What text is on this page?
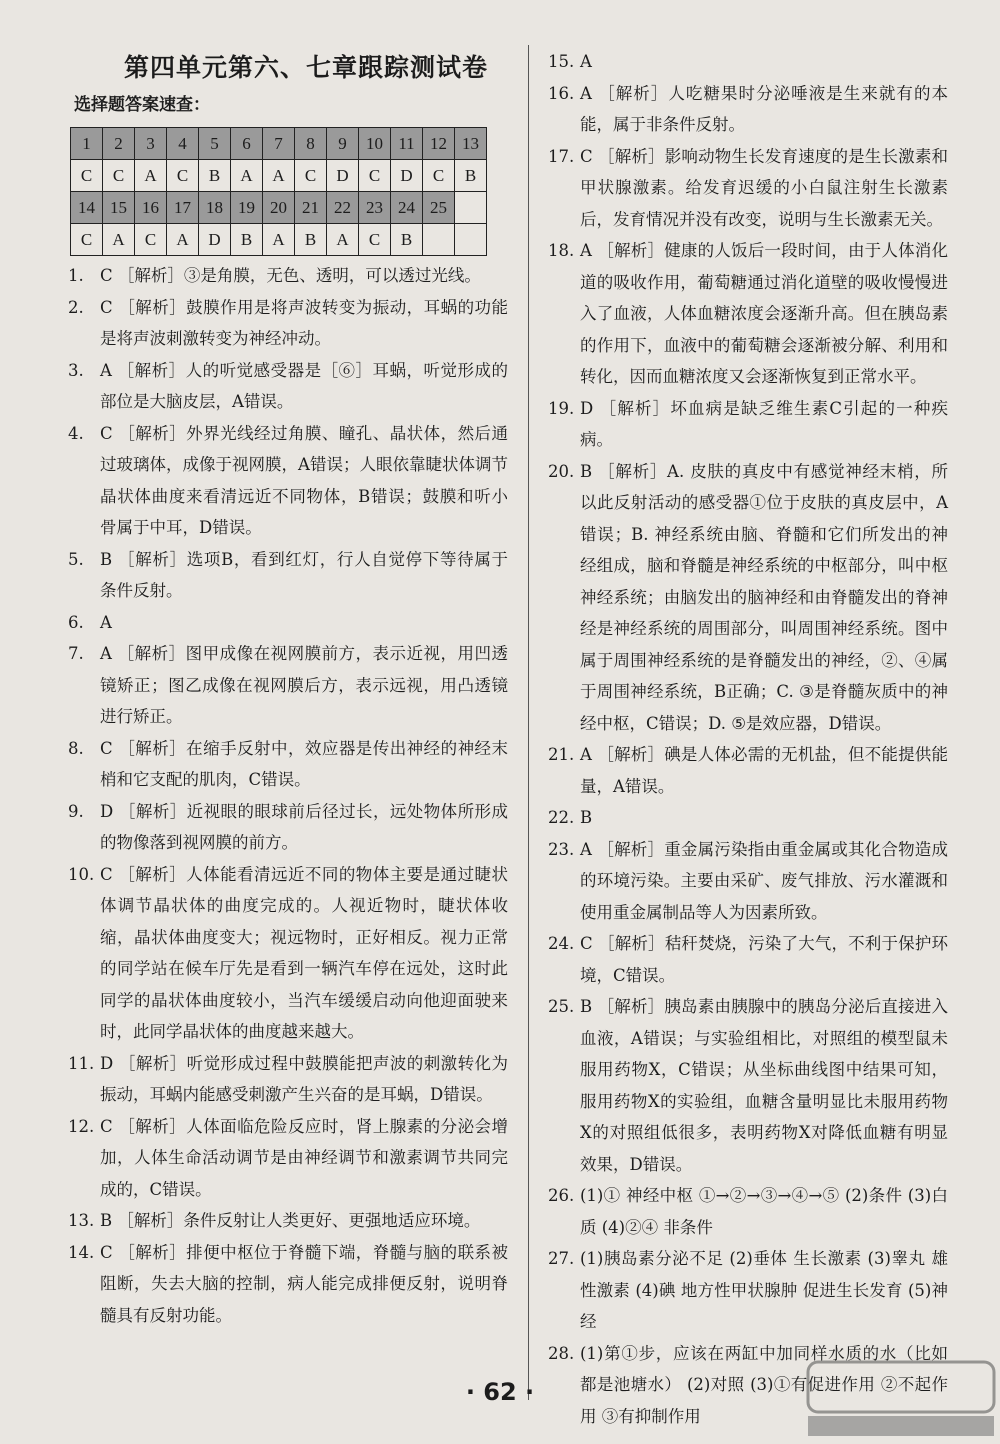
第四单元第六、七章跟踪测试卷
选择题答案速查：
1	2	3	4	5	6	7	8	9	10	11	12	13
C	C	A	C	B	A	A	C	D	C	D	C	B
14	15	16	17	18	19	20	21	22	23	24	25	
C	A	C	A	D	B	A	B	A	C	B		
1. C ［解析］③是角膜，无色、透明，可以透过光线。
2. C ［解析］鼓膜作用是将声波转变为振动，耳蜗的功能是将声波刺激转变为神经冲动。
3. A ［解析］人的听觉感受器是［⑥］耳蜗，听觉形成的部位是大脑皮层，A错误。
4. C ［解析］外界光线经过角膜、瞳孔、晶状体，然后通过玻璃体，成像于视网膜，A错误；人眼依靠睫状体调节晶状体曲度来看清远近不同物体，B错误；鼓膜和听小骨属于中耳，D错误。
5. B ［解析］选项B，看到红灯，行人自觉停下等待属于条件反射。
6. A
7. A ［解析］图甲成像在视网膜前方，表示近视，用凹透镜矫正；图乙成像在视网膜后方，表示远视，用凸透镜进行矫正。
8. C ［解析］在缩手反射中，效应器是传出神经的神经末梢和它支配的肌肉，C错误。
9. D ［解析］近视眼的眼球前后径过长，远处物体所形成的物像落到视网膜的前方。
10. C ［解析］人体能看清远近不同的物体主要是通过睫状体调节晶状体的曲度完成的。人视近物时，睫状体收缩，晶状体曲度变大；视远物时，正好相反。视力正常的同学站在候车厅先是看到一辆汽车停在远处，这时此同学的晶状体曲度较小，当汽车缓缓启动向他迎面驶来时，此同学晶状体的曲度越来越大。
11. D ［解析］听觉形成过程中鼓膜能把声波的刺激转化为振动，耳蜗内能感受刺激产生兴奋的是耳蜗，D错误。
12. C ［解析］人体面临危险反应时，肾上腺素的分泌会增加，人体生命活动调节是由神经调节和激素调节共同完成的，C错误。
13. B ［解析］条件反射让人类更好、更强地适应环境。
14. C ［解析］排便中枢位于脊髓下端，脊髓与脑的联系被阻断，失去大脑的控制，病人能完成排便反射，说明脊髓具有反射功能。
15. A
16. A ［解析］人吃糖果时分泌唾液是生来就有的本能，属于非条件反射。
17. C ［解析］影响动物生长发育速度的是生长激素和甲状腺激素。给发育迟缓的小白鼠注射生长激素后，发育情况并没有改变，说明与生长激素无关。
18. A ［解析］健康的人饭后一段时间，由于人体消化道的吸收作用，葡萄糖通过消化道壁的吸收慢慢进入了血液，人体血糖浓度会逐渐升高。但在胰岛素的作用下，血液中的葡萄糖会逐渐被分解、利用和转化，因而血糖浓度又会逐渐恢复到正常水平。
19. D ［解析］坏血病是缺乏维生素C引起的一种疾病。
20. B ［解析］A. 皮肤的真皮中有感觉神经末梢，所以此反射活动的感受器①位于皮肤的真皮层中，A错误；B. 神经系统由脑、脊髓和它们所发出的神经组成，脑和脊髓是神经系统的中枢部分，叫中枢神经系统；由脑发出的脑神经和由脊髓发出的脊神经是神经系统的周围部分，叫周围神经系统。图中属于周围神经系统的是脊髓发出的神经，②、④属于周围神经系统，B正确；C. ③是脊髓灰质中的神经中枢，C错误；D. ⑤是效应器，D错误。
21. A ［解析］碘是人体必需的无机盐，但不能提供能量，A错误。
22. B
23. A ［解析］重金属污染指由重金属或其化合物造成的环境污染。主要由采矿、废气排放、污水灌溉和使用重金属制品等人为因素所致。
24. C ［解析］秸秆焚烧，污染了大气，不利于保护环境，C错误。
25. B ［解析］胰岛素由胰腺中的胰岛分泌后直接进入血液，A错误；与实验组相比，对照组的模型鼠未服用药物X，C错误；从坐标曲线图中结果可知，服用药物X的实验组，血糖含量明显比未服用药物X的对照组低很多，表明药物X对降低血糖有明显效果，D错误。
26. (1)① 神经中枢 ①→②→③→④→⑤ (2)条件 (3)白质 (4)②④ 非条件
27. (1)胰岛素分泌不足 (2)垂体 生长激素 (3)睾丸 雄性激素 (4)碘 地方性甲状腺肿 促进生长发育 (5)神经
28. (1)第①步，应该在两缸中加同样水质的水（比如都是池塘水） (2)对照 (3)①有促进作用 ②不起作用 ③有抑制作用
· 62 ·
